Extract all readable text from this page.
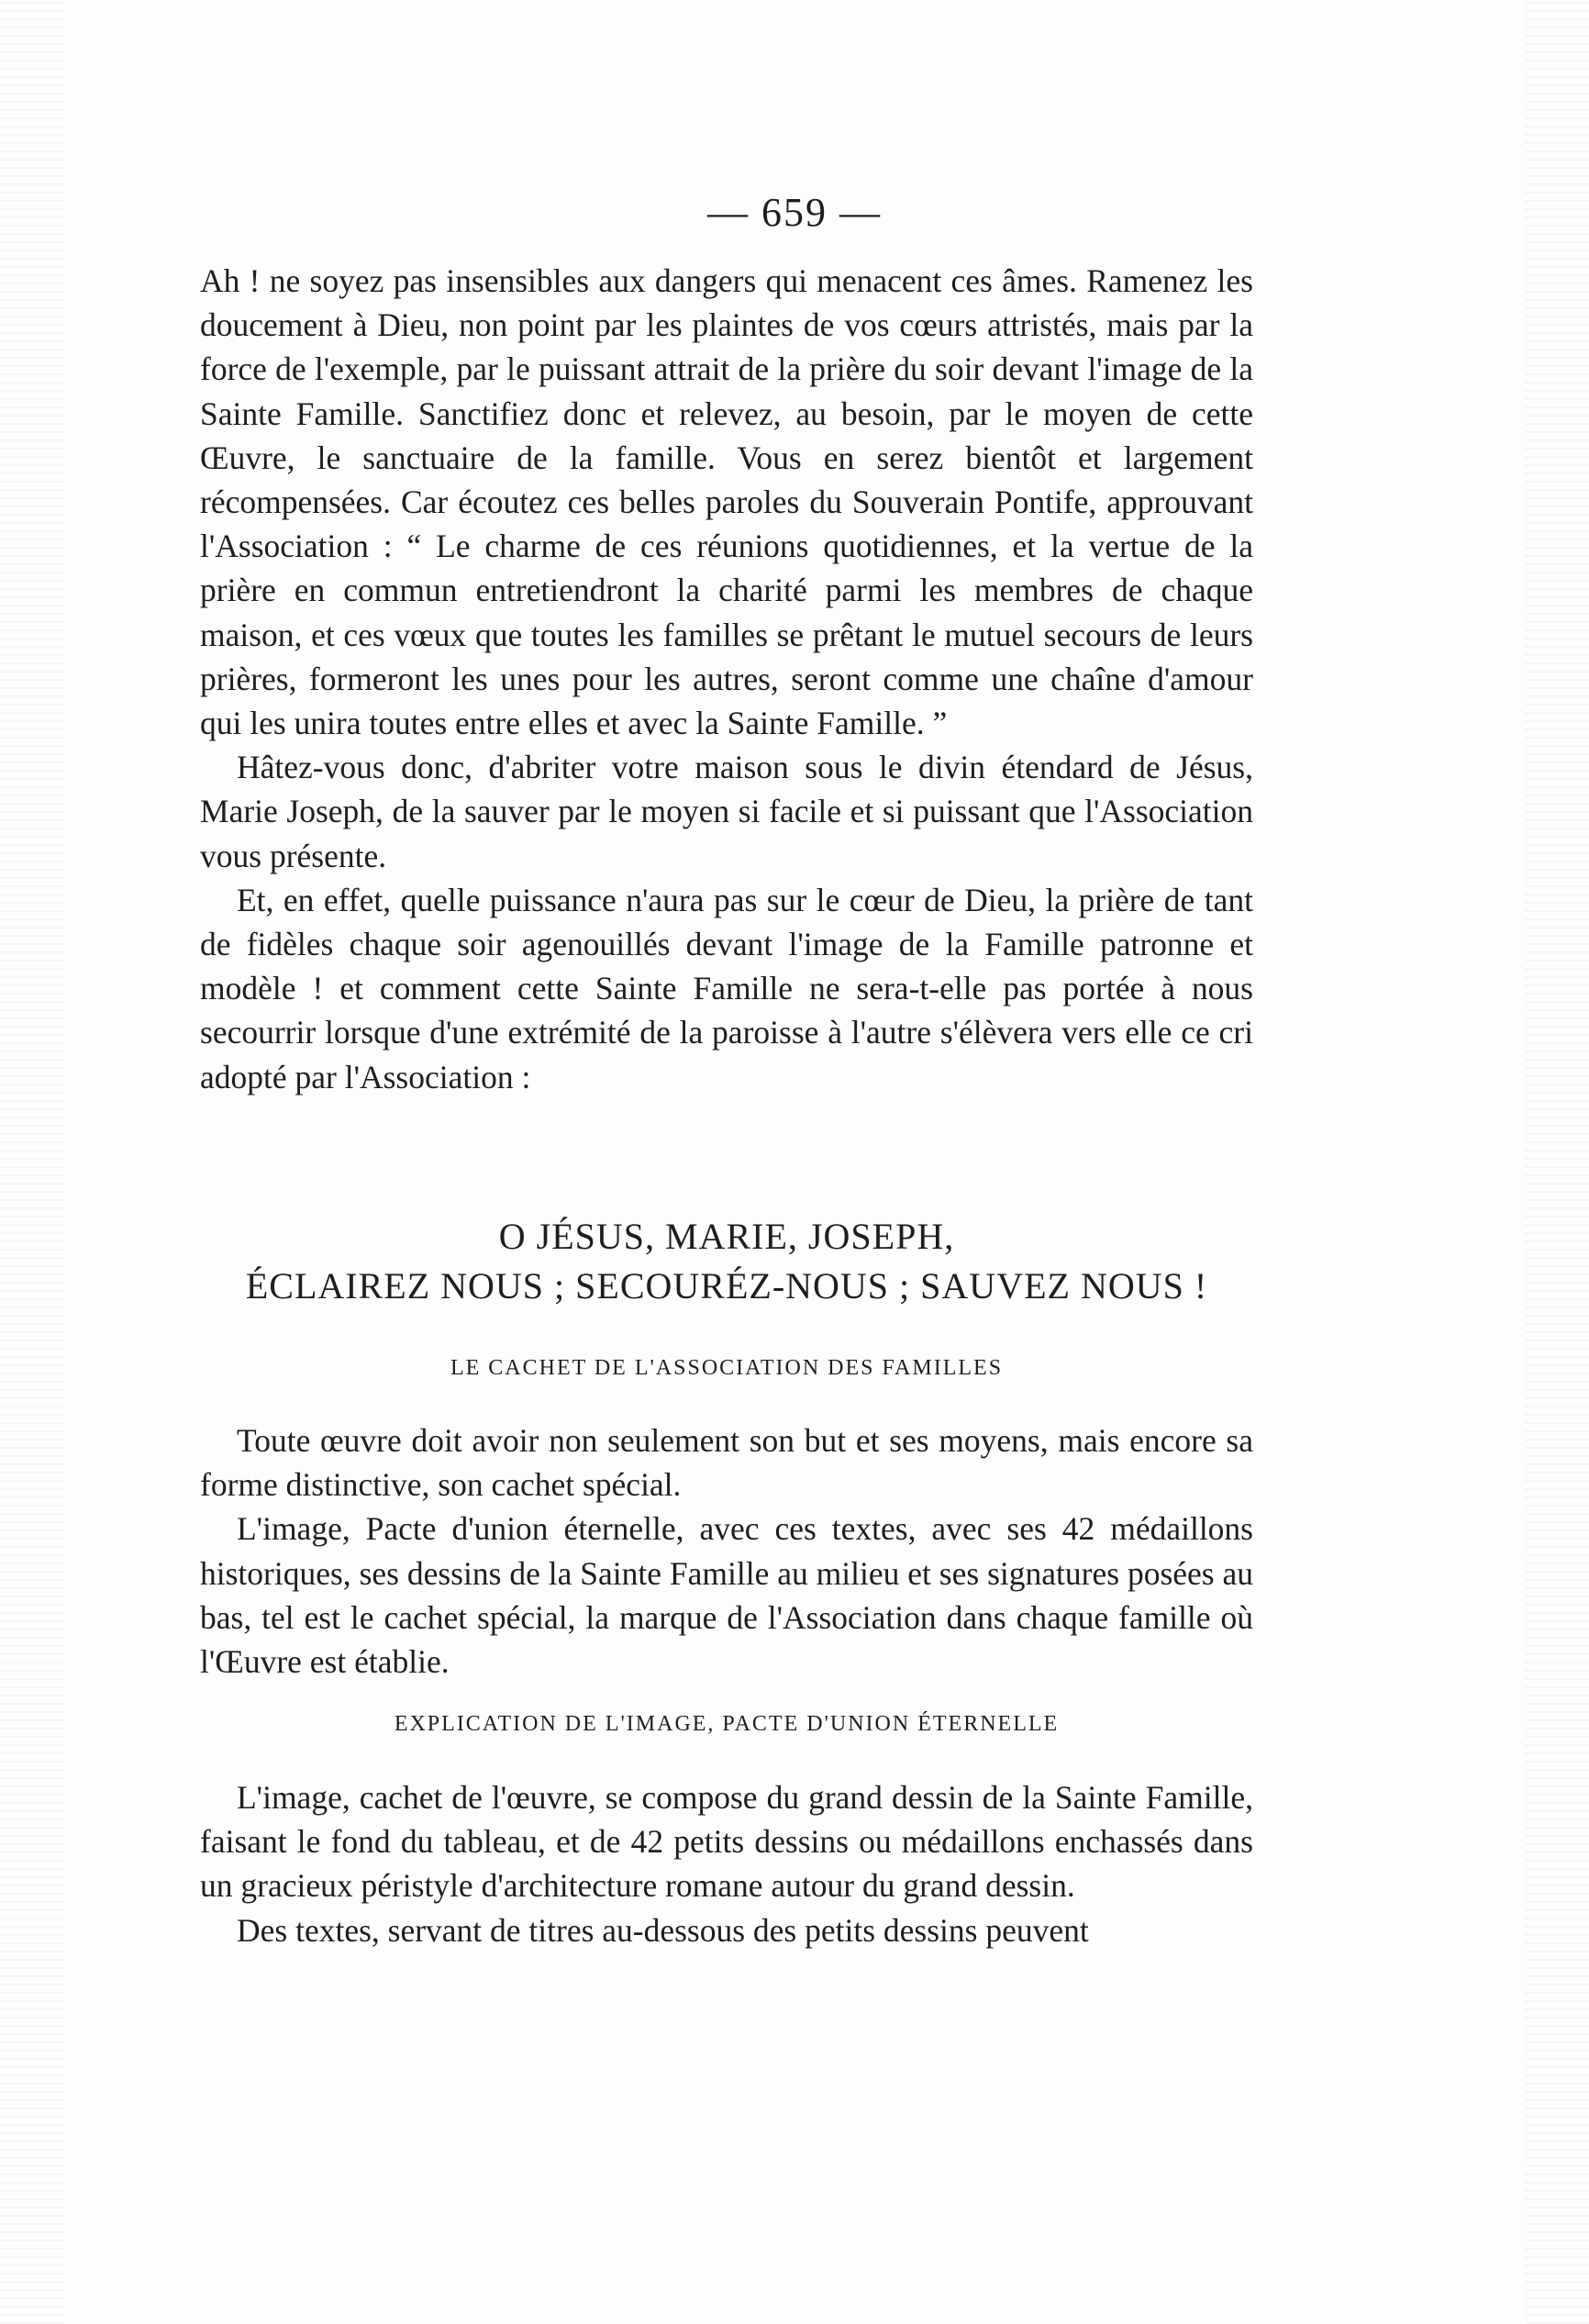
— 659 —

Ah ! ne soyez pas insensibles aux dangers qui menacent ces âmes. Ramenez les doucement à Dieu, non point par les plaintes de vos cœurs attristés, mais par la force de l'exemple, par le puissant attrait de la prière du soir devant l'image de la Sainte Famille. Sanctifiez donc et relevez, au besoin, par le moyen de cette Œuvre, le sanctuaire de la famille. Vous en serez bientôt et largement récompensées. Car écoutez ces belles paroles du Souverain Pontife, approuvant l'Association : “ Le charme de ces réunions quotidiennes, et la vertue de la prière en commun entretiendront la charité parmi les membres de chaque maison, et ces vœux que toutes les familles se prêtant le mutuel secours de leurs prières, formeront les unes pour les autres, seront comme une chaîne d'amour qui les unira toutes entre elles et avec la Sainte Famille. ”

Hâtez-vous donc, d'abriter votre maison sous le divin étendard de Jésus, Marie Joseph, de la sauver par le moyen si facile et si puissant que l'Association vous présente.

Et, en effet, quelle puissance n'aura pas sur le cœur de Dieu, la prière de tant de fidèles chaque soir agenouillés devant l'image de la Famille patronne et modèle ! et comment cette Sainte Famille ne sera-t-elle pas portée à nous secourrir lorsque d'une extrémité de la paroisse à l'autre s'élèvera vers elle ce cri adopté par l'Association :

O JÉSUS, MARIE, JOSEPH,
ÉCLAIREZ NOUS ; SECOURÉZ-NOUS ; SAUVEZ NOUS !
LE CACHET DE L'ASSOCIATION DES FAMILLES

Toute œuvre doit avoir non seulement son but et ses moyens, mais encore sa forme distinctive, son cachet spécial.

L'image, Pacte d'union éternelle, avec ces textes, avec ses 42 médaillons historiques, ses dessins de la Sainte Famille au milieu et ses signatures posées au bas, tel est le cachet spécial, la marque de l'Association dans chaque famille où l'Œuvre est établie.

EXPLICATION DE L'IMAGE, PACTE D'UNION ÉTERNELLE

L'image, cachet de l'œuvre, se compose du grand dessin de la Sainte Famille, faisant le fond du tableau, et de 42 petits dessins ou médaillons enchassés dans un gracieux péristyle d'architecture romane autour du grand dessin.

Des textes, servant de titres au-dessous des petits dessins peuvent
